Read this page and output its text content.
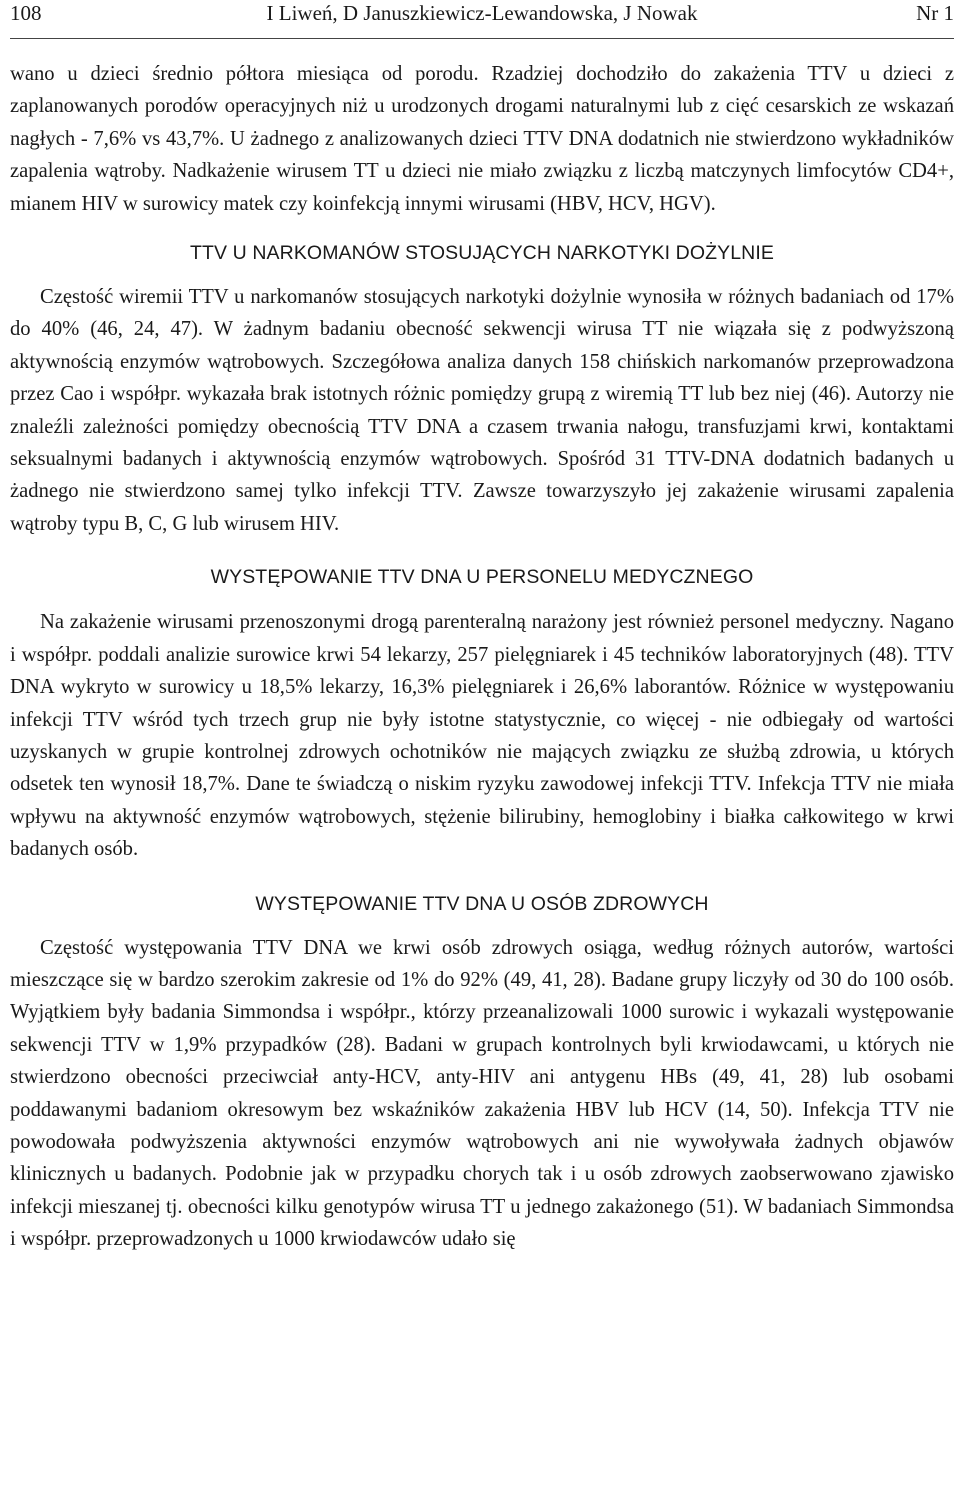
108	I Liweń, D Januszkiewicz-Lewandowska, J Nowak	Nr 1

wano u dzieci średnio półtora miesiąca od porodu. Rzadziej dochodziło do zakażenia TTV u dzieci z zaplanowanych porodów operacyjnych niż u urodzonych drogami naturalnymi lub z cięć cesarskich ze wskazań nagłych - 7,6% vs 43,7%. U żadnego z analizowanych dzieci TTV DNA dodatnich nie stwierdzono wykładników zapalenia wątroby. Nadkażenie wirusem TT u dzieci nie miało związku z liczbą matczynych limfocytów CD4+, mianem HIV w surowicy matek czy koinfekcją innymi wirusami (HBV, HCV, HGV).

TTV U NARKOMANÓW STOSUJĄCYCH NARKOTYKI DOŻYLNIE

Częstość wiremii TTV u narkomanów stosujących narkotyki dożylnie wynosiła w różnych badaniach od 17% do 40% (46, 24, 47). W żadnym badaniu obecność sekwencji wirusa TT nie wiązała się z podwyższoną aktywnością enzymów wątrobowych. Szczegółowa analiza danych 158 chińskich narkomanów przeprowadzona przez Cao i współpr. wykazała brak istotnych różnic pomiędzy grupą z wiremią TT lub bez niej (46). Autorzy nie znaleźli zależności pomiędzy obecnością TTV DNA a czasem trwania nałogu, transfuzjami krwi, kontaktami seksualnymi badanych i aktywnością enzymów wątrobowych. Spośród 31 TTV-DNA dodatnich badanych u żadnego nie stwierdzono samej tylko infekcji TTV. Zawsze towarzyszyło jej zakażenie wirusami zapalenia wątroby typu B, C, G lub wirusem HIV.

WYSTĘPOWANIE TTV DNA U PERSONELU MEDYCZNEGO

Na zakażenie wirusami przenoszonymi drogą parenteralną narażony jest również personel medyczny. Nagano i współpr. poddali analizie surowice krwi 54 lekarzy, 257 pielęgniarek i 45 techników laboratoryjnych (48). TTV DNA wykryto w surowicy u 18,5% lekarzy, 16,3% pielęgniarek i 26,6% laborantów. Różnice w występowaniu infekcji TTV wśród tych trzech grup nie były istotne statystycznie, co więcej - nie odbiegały od wartości uzyskanych w grupie kontrolnej zdrowych ochotników nie mających związku ze służbą zdrowia, u których odsetek ten wynosił 18,7%. Dane te świadczą o niskim ryzyku zawodowej infekcji TTV. Infekcja TTV nie miała wpływu na aktywność enzymów wątrobowych, stężenie bilirubiny, hemoglobiny i białka całkowitego w krwi badanych osób.

WYSTĘPOWANIE TTV DNA U OSÓB ZDROWYCH

Częstość występowania TTV DNA we krwi osób zdrowych osiąga, według różnych autorów, wartości mieszczące się w bardzo szerokim zakresie od 1% do 92% (49, 41, 28). Badane grupy liczyły od 30 do 100 osób. Wyjątkiem były badania Simmondsa i współpr., którzy przeanalizowali 1000 surowic i wykazali występowanie sekwencji TTV w 1,9% przypadków (28). Badani w grupach kontrolnych byli krwiodawcami, u których nie stwierdzono obecności przeciwciał anty-HCV, anty-HIV ani antygenu HBs (49, 41, 28) lub osobami poddawanymi badaniom okresowym bez wskaźników zakażenia HBV lub HCV (14, 50). Infekcja TTV nie powodowała podwyższenia aktywności enzymów wątrobowych ani nie wywoływała żadnych objawów klinicznych u badanych. Podobnie jak w przypadku chorych tak i u osób zdrowych zaobserwowano zjawisko infekcji mieszanej tj. obecności kilku genotypów wirusa TT u jednego zakażonego (51). W badaniach Simmondsa i współpr. przeprowadzonych u 1000 krwiodawców udało się
